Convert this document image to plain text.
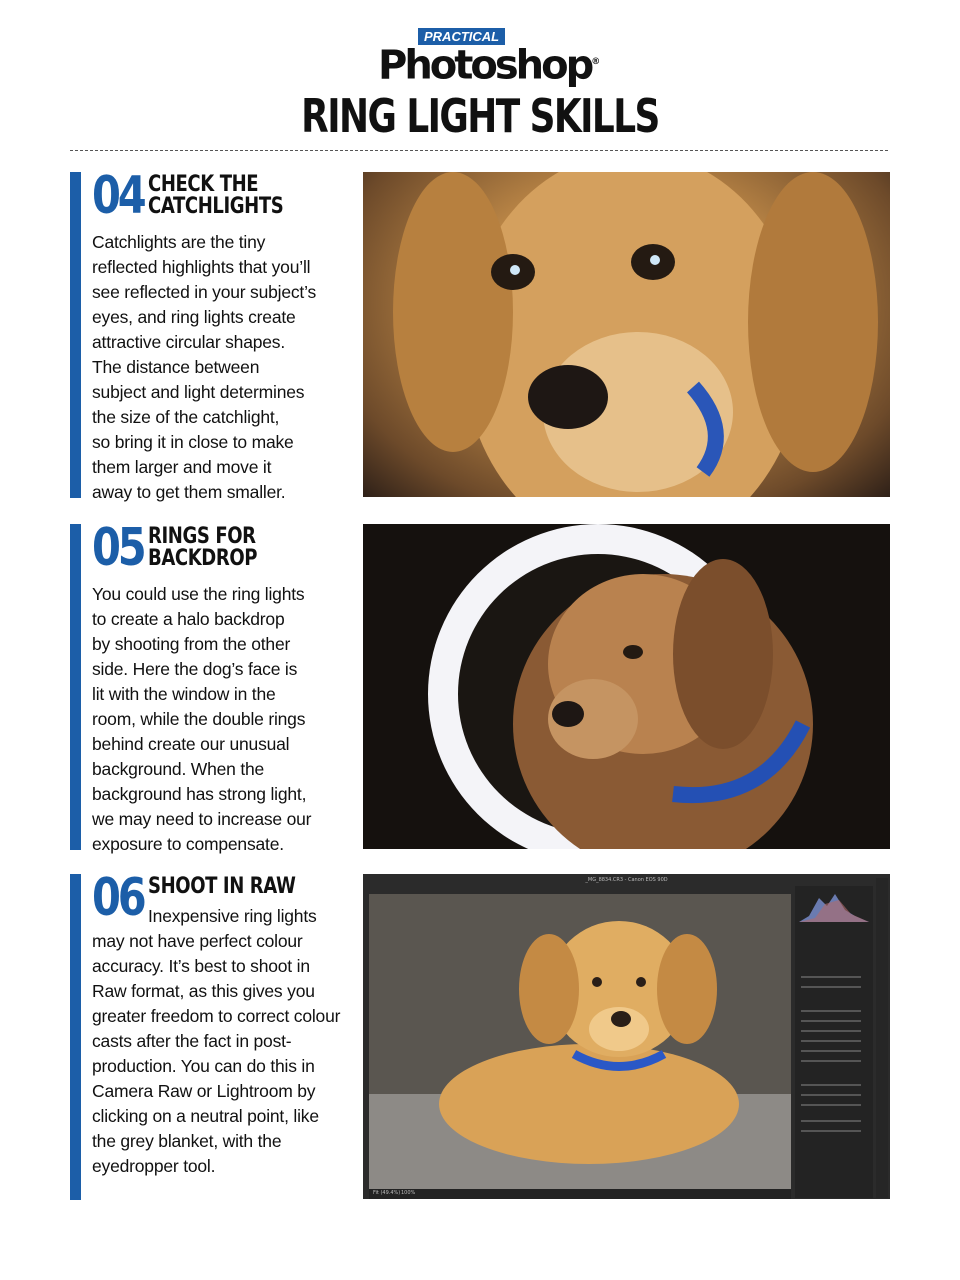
PRACTICAL
Photoshop®
RING LIGHT SKILLS
04 CHECK THE
CATCHLIGHTS
Catchlights are the tiny
reflected highlights that you’ll
see reflected in your subject’s
eyes, and ring lights create
attractive circular shapes.
The distance between
subject and light determines
the size of the catchlight,
so bring it in close to make
them larger and move it
away to get them smaller.
05 RINGS FOR
BACKDROP
You could use the ring lights
to create a halo backdrop
by shooting from the other
side. Here the dog’s face is
lit with the window in the
room, while the double rings
behind create our unusual
background. When the
background has strong light,
we may need to increase our
exposure to compensate.
06 SHOOT IN RAW
Inexpensive ring lights may not have perfect colour accuracy. It’s best to shoot in Raw format, as this gives you greater freedom to correct colour casts after the fact in post-production. You can do this in Camera Raw or Lightroom by clicking on a neutral point, like the grey blanket, with the eyedropper tool.
_MG_8834.CR3 - Canon EOS 90D
Fit (49.4%) 100%
